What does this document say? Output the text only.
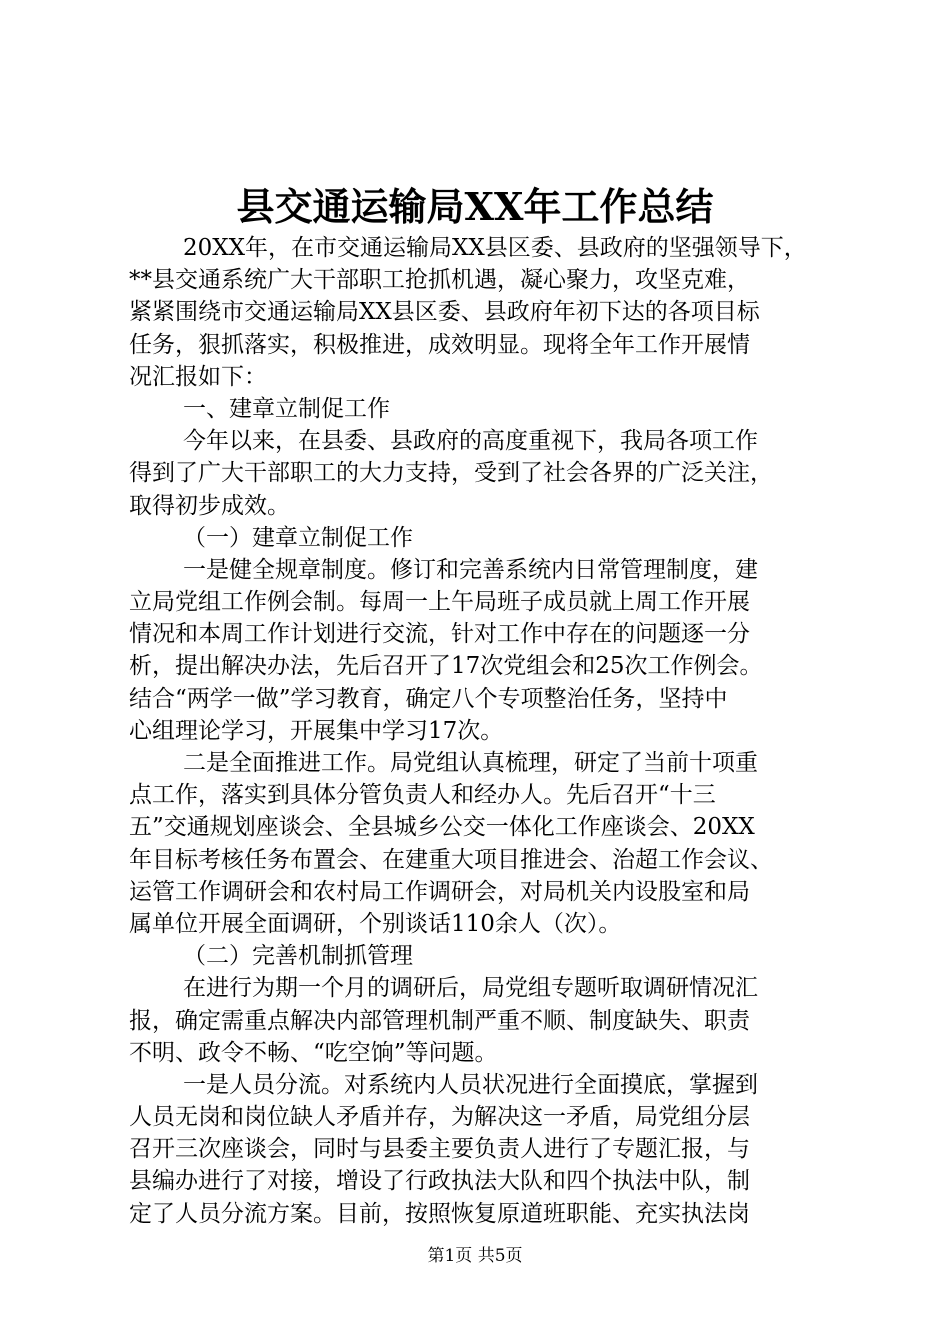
县交通运输局XX年工作总结
20XX年，在市交通运输局XX县区委、县政府的坚强领导下，
**县交通系统广大干部职工抢抓机遇，凝心聚力，攻坚克难，
紧紧围绕市交通运输局XX县区委、县政府年初下达的各项目标
任务，狠抓落实，积极推进，成效明显。现将全年工作开展情
况汇报如下：
一、建章立制促工作
今年以来，在县委、县政府的高度重视下，我局各项工作
得到了广大干部职工的大力支持，受到了社会各界的广泛关注，
取得初步成效。
（一）建章立制促工作
一是健全规章制度。修订和完善系统内日常管理制度，建
立局党组工作例会制。每周一上午局班子成员就上周工作开展
情况和本周工作计划进行交流，针对工作中存在的问题逐一分
析，提出解决办法，先后召开了17次党组会和25次工作例会。
结合“两学一做”学习教育，确定八个专项整治任务，坚持中
心组理论学习，开展集中学习17次。
二是全面推进工作。局党组认真梳理，研定了当前十项重
点工作，落实到具体分管负责人和经办人。先后召开“十三
五”交通规划座谈会、全县城乡公交一体化工作座谈会、20XX
年目标考核任务布置会、在建重大项目推进会、治超工作会议、
运管工作调研会和农村局工作调研会，对局机关内设股室和局
属单位开展全面调研，个别谈话110余人（次）。
（二）完善机制抓管理
在进行为期一个月的调研后，局党组专题听取调研情况汇
报，确定需重点解决内部管理机制严重不顺、制度缺失、职责
不明、政令不畅、“吃空饷”等问题。
一是人员分流。对系统内人员状况进行全面摸底，掌握到
人员无岗和岗位缺人矛盾并存，为解决这一矛盾，局党组分层
召开三次座谈会，同时与县委主要负责人进行了专题汇报，与
县编办进行了对接，增设了行政执法大队和四个执法中队，制
定了人员分流方案。目前，按照恢复原道班职能、充实执法岗
第1页 共5页
